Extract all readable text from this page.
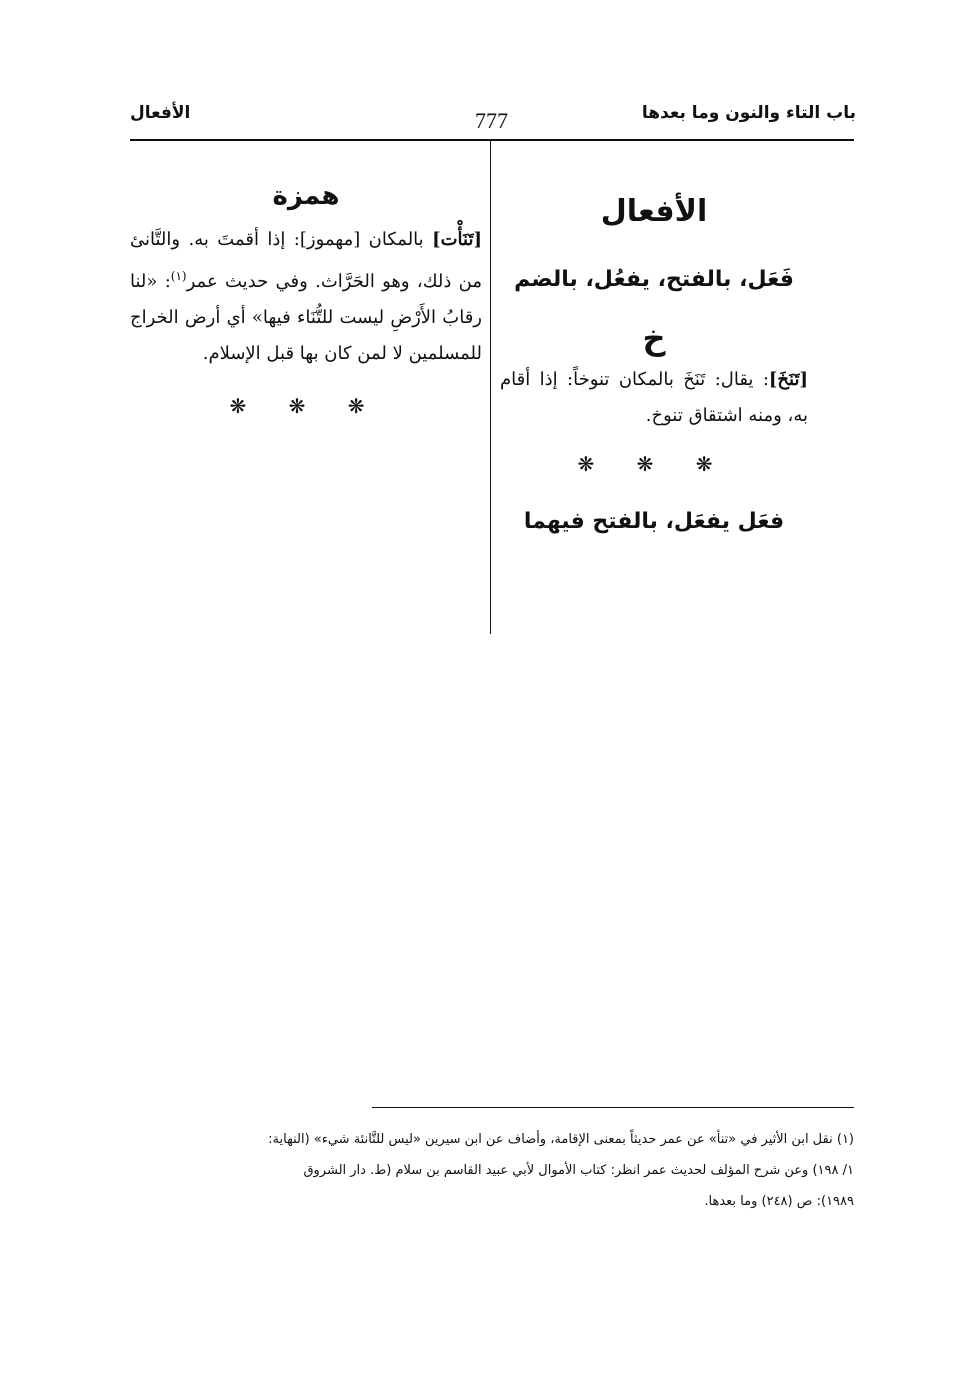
باب التاء والنون وما بعدها
777
الأفعال
الأفعال
فَعَل، بالفتح، يفعُل، بالضم
خ

[تَنَخَ]: يقال: تَنَخَ بالمكان تنوخاً: إذا أقام به، ومنه اشتقاق تنوخ.

❋ ❋ ❋
فعَل يفعَل، بالفتح فيهما
همزة

[تَنَأْت] بالمكان [مهموز]: إذا أقمتَ به. والتَّانئ من ذلك، وهو الحَرَّاث. وفي حديث عمر$^{(١)}$: «لنا رقابُ الأَرْضِ ليست للتُّنَاء فيها» أي أرض الخراج للمسلمين لا لمن كان بها قبل الإسلام.

❋ ❋ ❋

(١) نقل ابن الأثير في «تنأ» عن عمر حديثاً بمعنى الإقامة، وأضاف عن ابن سيرين «ليس للتَّانئة شيء» (النهاية:

١/ ١٩٨) وعن شرح المؤلف لحديث عمر انظر: كتاب الأموال لأبي عبيد القاسم بن سلام (ط. دار الشروق

١٩٨٩): ص (٢٤٨) وما بعدها.
